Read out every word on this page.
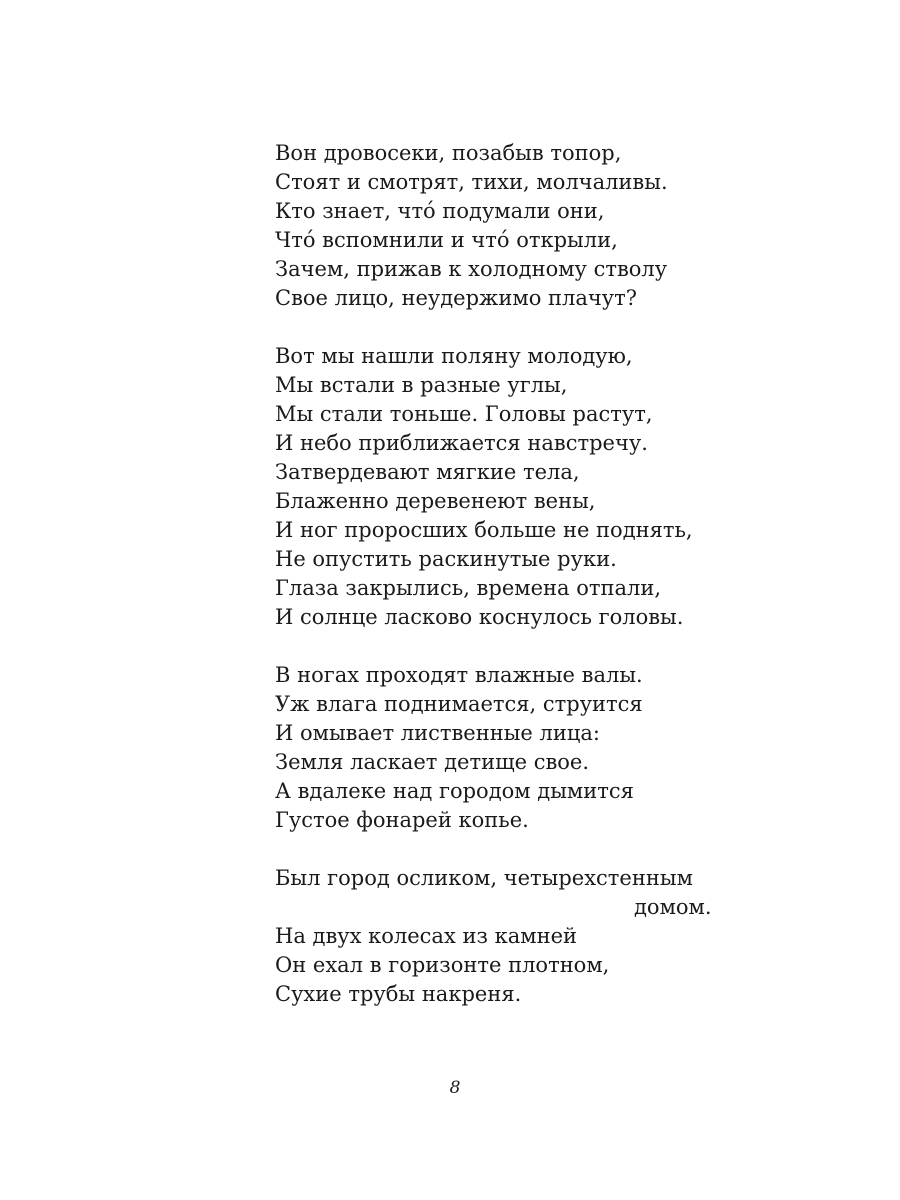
Вон дровосеки, позабыв топор,
Стоят и смотрят, тихи, молчаливы.
Кто знает, что́ подумали они,
Что́ вспомнили и что́ открыли,
Зачем, прижав к холодному стволу
Свое лицо, неудержимо плачут?
Вот мы нашли поляну молодую,
Мы встали в разные углы,
Мы стали тоньше. Головы растут,
И небо приближается навстречу.
Затвердевают мягкие тела,
Блаженно деревенеют вены,
И ног проросших больше не поднять,
Не опустить раскинутые руки.
Глаза закрылись, времена отпали,
И солнце ласково коснулось головы.
В ногах проходят влажные валы.
Уж влага поднимается, струится
И омывает лиственные лица:
Земля ласкает детище свое.
А вдалеке над городом дымится
Густое фонарей копье.
Был город осликом, четырехстенным
домом.
На двух колесах из камней
Он ехал в горизонте плотном,
Сухие трубы накреня.
8
